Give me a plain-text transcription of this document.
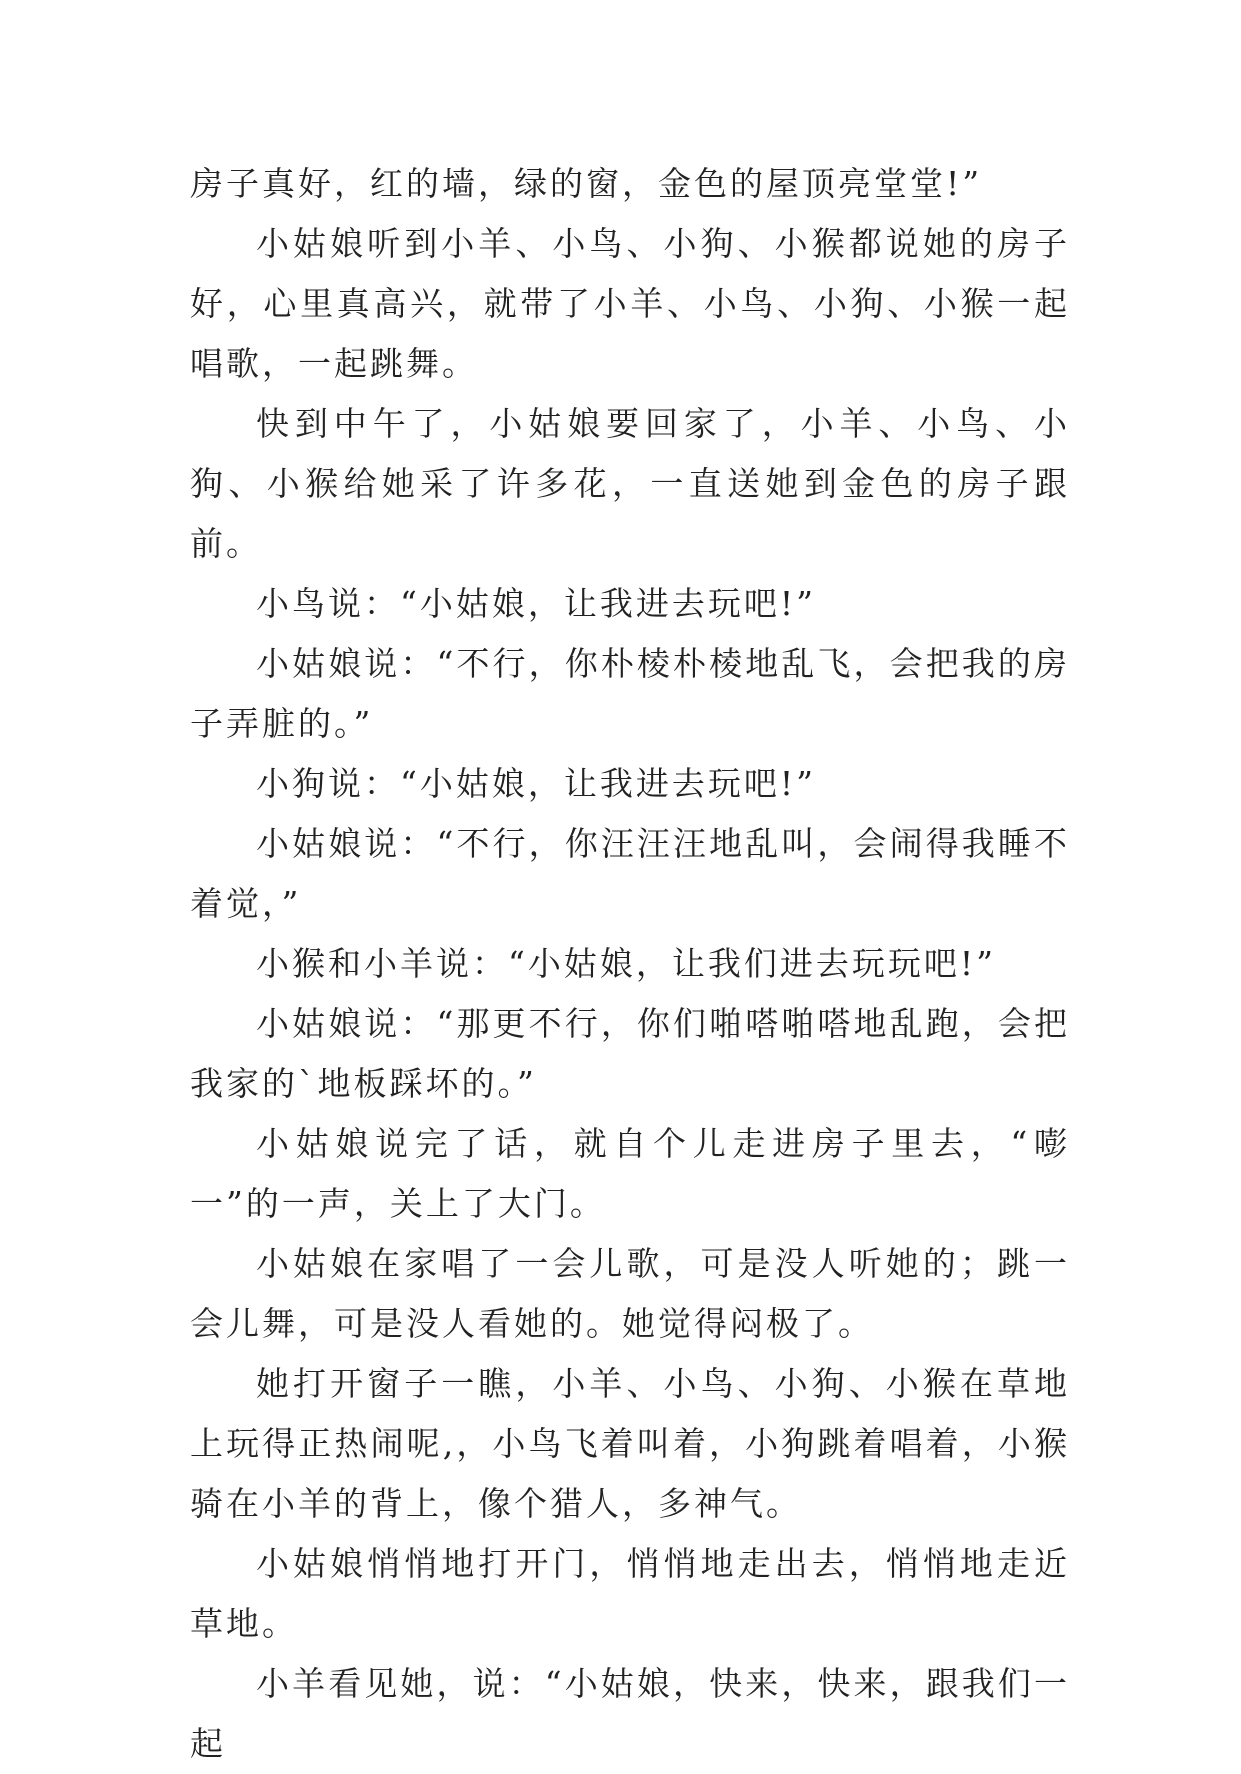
房子真好，红的墙，绿的窗，金色的屋顶亮堂堂!”

小姑娘听到小羊、小鸟、小狗、小猴都说她的房子好，心里真高兴，就带了小羊、小鸟、小狗、小猴一起唱歌，一起跳舞。

快到中午了，小姑娘要回家了，小羊、小鸟、小狗、小猴给她采了许多花，一直送她到金色的房子跟前。

小鸟说：“小姑娘，让我进去玩吧!”

小姑娘说：“不行，你朴棱朴棱地乱飞，会把我的房子弄脏的。”

小狗说：“小姑娘，让我进去玩吧!”

小姑娘说：“不行，你汪汪汪地乱叫，会闹得我睡不着觉，”

小猴和小羊说：“小姑娘，让我们进去玩玩吧!”

小姑娘说：“那更不行，你们啪嗒啪嗒地乱跑，会把我家的`地板踩坏的。”

小姑娘说完了话，就自个儿走进房子里去，“嘭一”的一声，关上了大门。

小姑娘在家唱了一会儿歌，可是没人听她的；跳一会儿舞，可是没人看她的。她觉得闷极了。

她打开窗子一瞧，小羊、小鸟、小狗、小猴在草地上玩得正热闹呢,，小鸟飞着叫着，小狗跳着唱着，小猴骑在小羊的背上，像个猎人，多神气。

小姑娘悄悄地打开门，悄悄地走出去，悄悄地走近草地。

小羊看见她，说：“小姑娘，快来，快来，跟我们一起
